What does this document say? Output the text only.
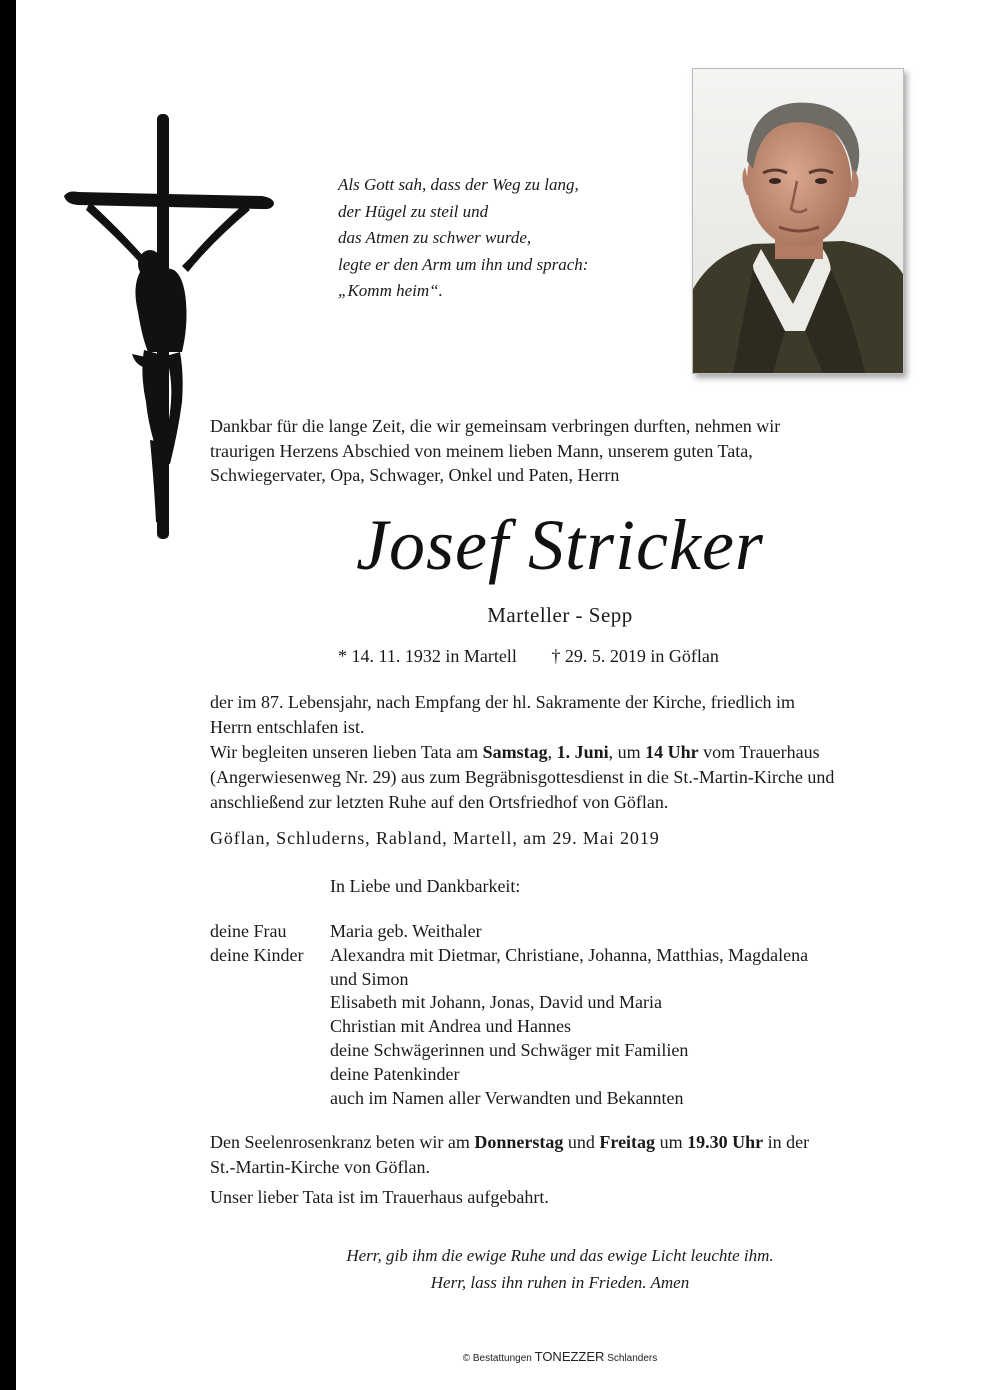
Als Gott sah, dass der Weg zu lang,
der Hügel zu steil und
das Atmen zu schwer wurde,
legte er den Arm um ihn und sprach:
„Komm heim“.
Dankbar für die lange Zeit, die wir gemeinsam verbringen durften, nehmen wir
traurigen Herzens Abschied von meinem lieben Mann, unserem guten Tata,
Schwiegervater, Opa, Schwager, Onkel und Paten, Herrn
Josef Stricker
Marteller - Sepp
* 14. 11. 1932 in Martell † 29. 5. 2019 in Göflan
der im 87. Lebensjahr, nach Empfang der hl. Sakramente der Kirche, friedlich im
Herrn entschlafen ist.
Wir begleiten unseren lieben Tata am Samstag, 1. Juni, um 14 Uhr vom Trauerhaus
(Angerwiesenweg Nr. 29) aus zum Begräbnisgottesdienst in die St.-Martin-Kirche und
anschließend zur letzten Ruhe auf den Ortsfriedhof von Göflan.
Göflan, Schluderns, Rabland, Martell, am 29. Mai 2019
In Liebe und Dankbarkeit:
deine Frau Maria geb. Weithaler
deine Kinder Alexandra mit Dietmar, Christiane, Johanna, Matthias, Magdalena
und Simon
Elisabeth mit Johann, Jonas, David und Maria
Christian mit Andrea und Hannes
deine Schwägerinnen und Schwäger mit Familien
deine Patenkinder
auch im Namen aller Verwandten und Bekannten
Den Seelenrosenkranz beten wir am Donnerstag und Freitag um 19.30 Uhr in der
St.-Martin-Kirche von Göflan.
Unser lieber Tata ist im Trauerhaus aufgebahrt.
Herr, gib ihm die ewige Ruhe und das ewige Licht leuchte ihm.
Herr, lass ihn ruhen in Frieden. Amen
© Bestattungen TONEZZER Schlanders
